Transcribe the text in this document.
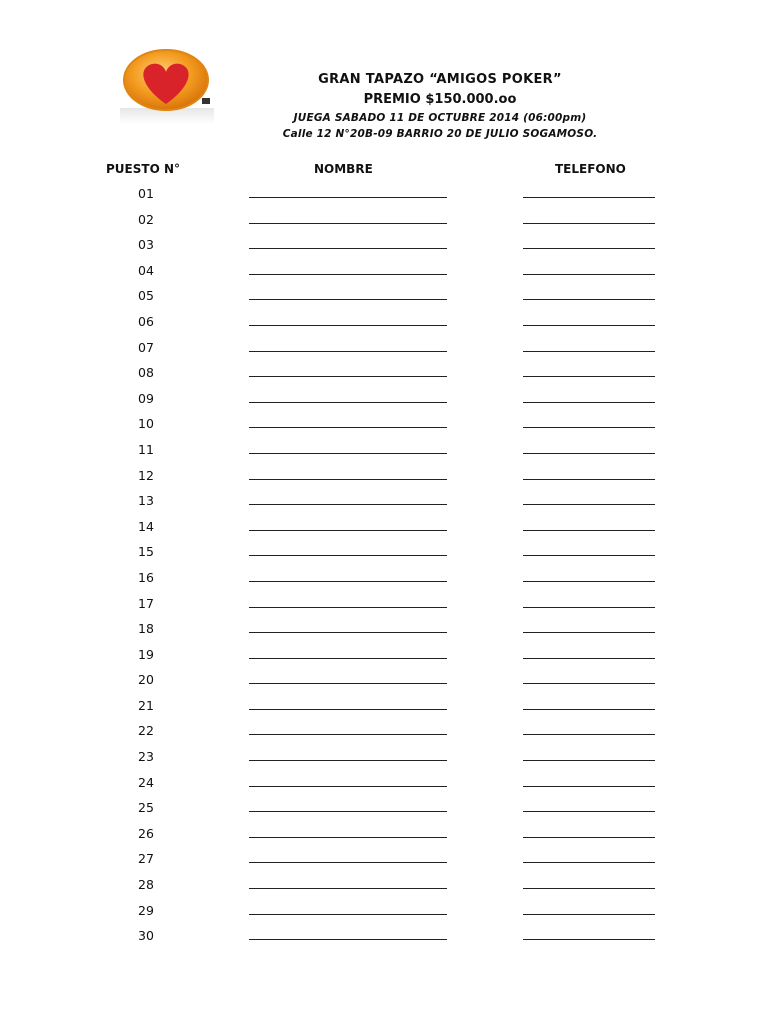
GRAN TAPAZO “AMIGOS POKER”
PREMIO $150.000.oo
JUEGA SABADO 11 DE OCTUBRE 2014 (06:00pm)
Calle 12 N°20B-09 BARRIO 20 DE JULIO SOGAMOSO.
PUESTO N°	NOMBRE	TELEFONO
01
02
03
04
05
06
07
08
09
10
11
12
13
14
15
16
17
18
19
20
21
22
23
24
25
26
27
28
29
30
